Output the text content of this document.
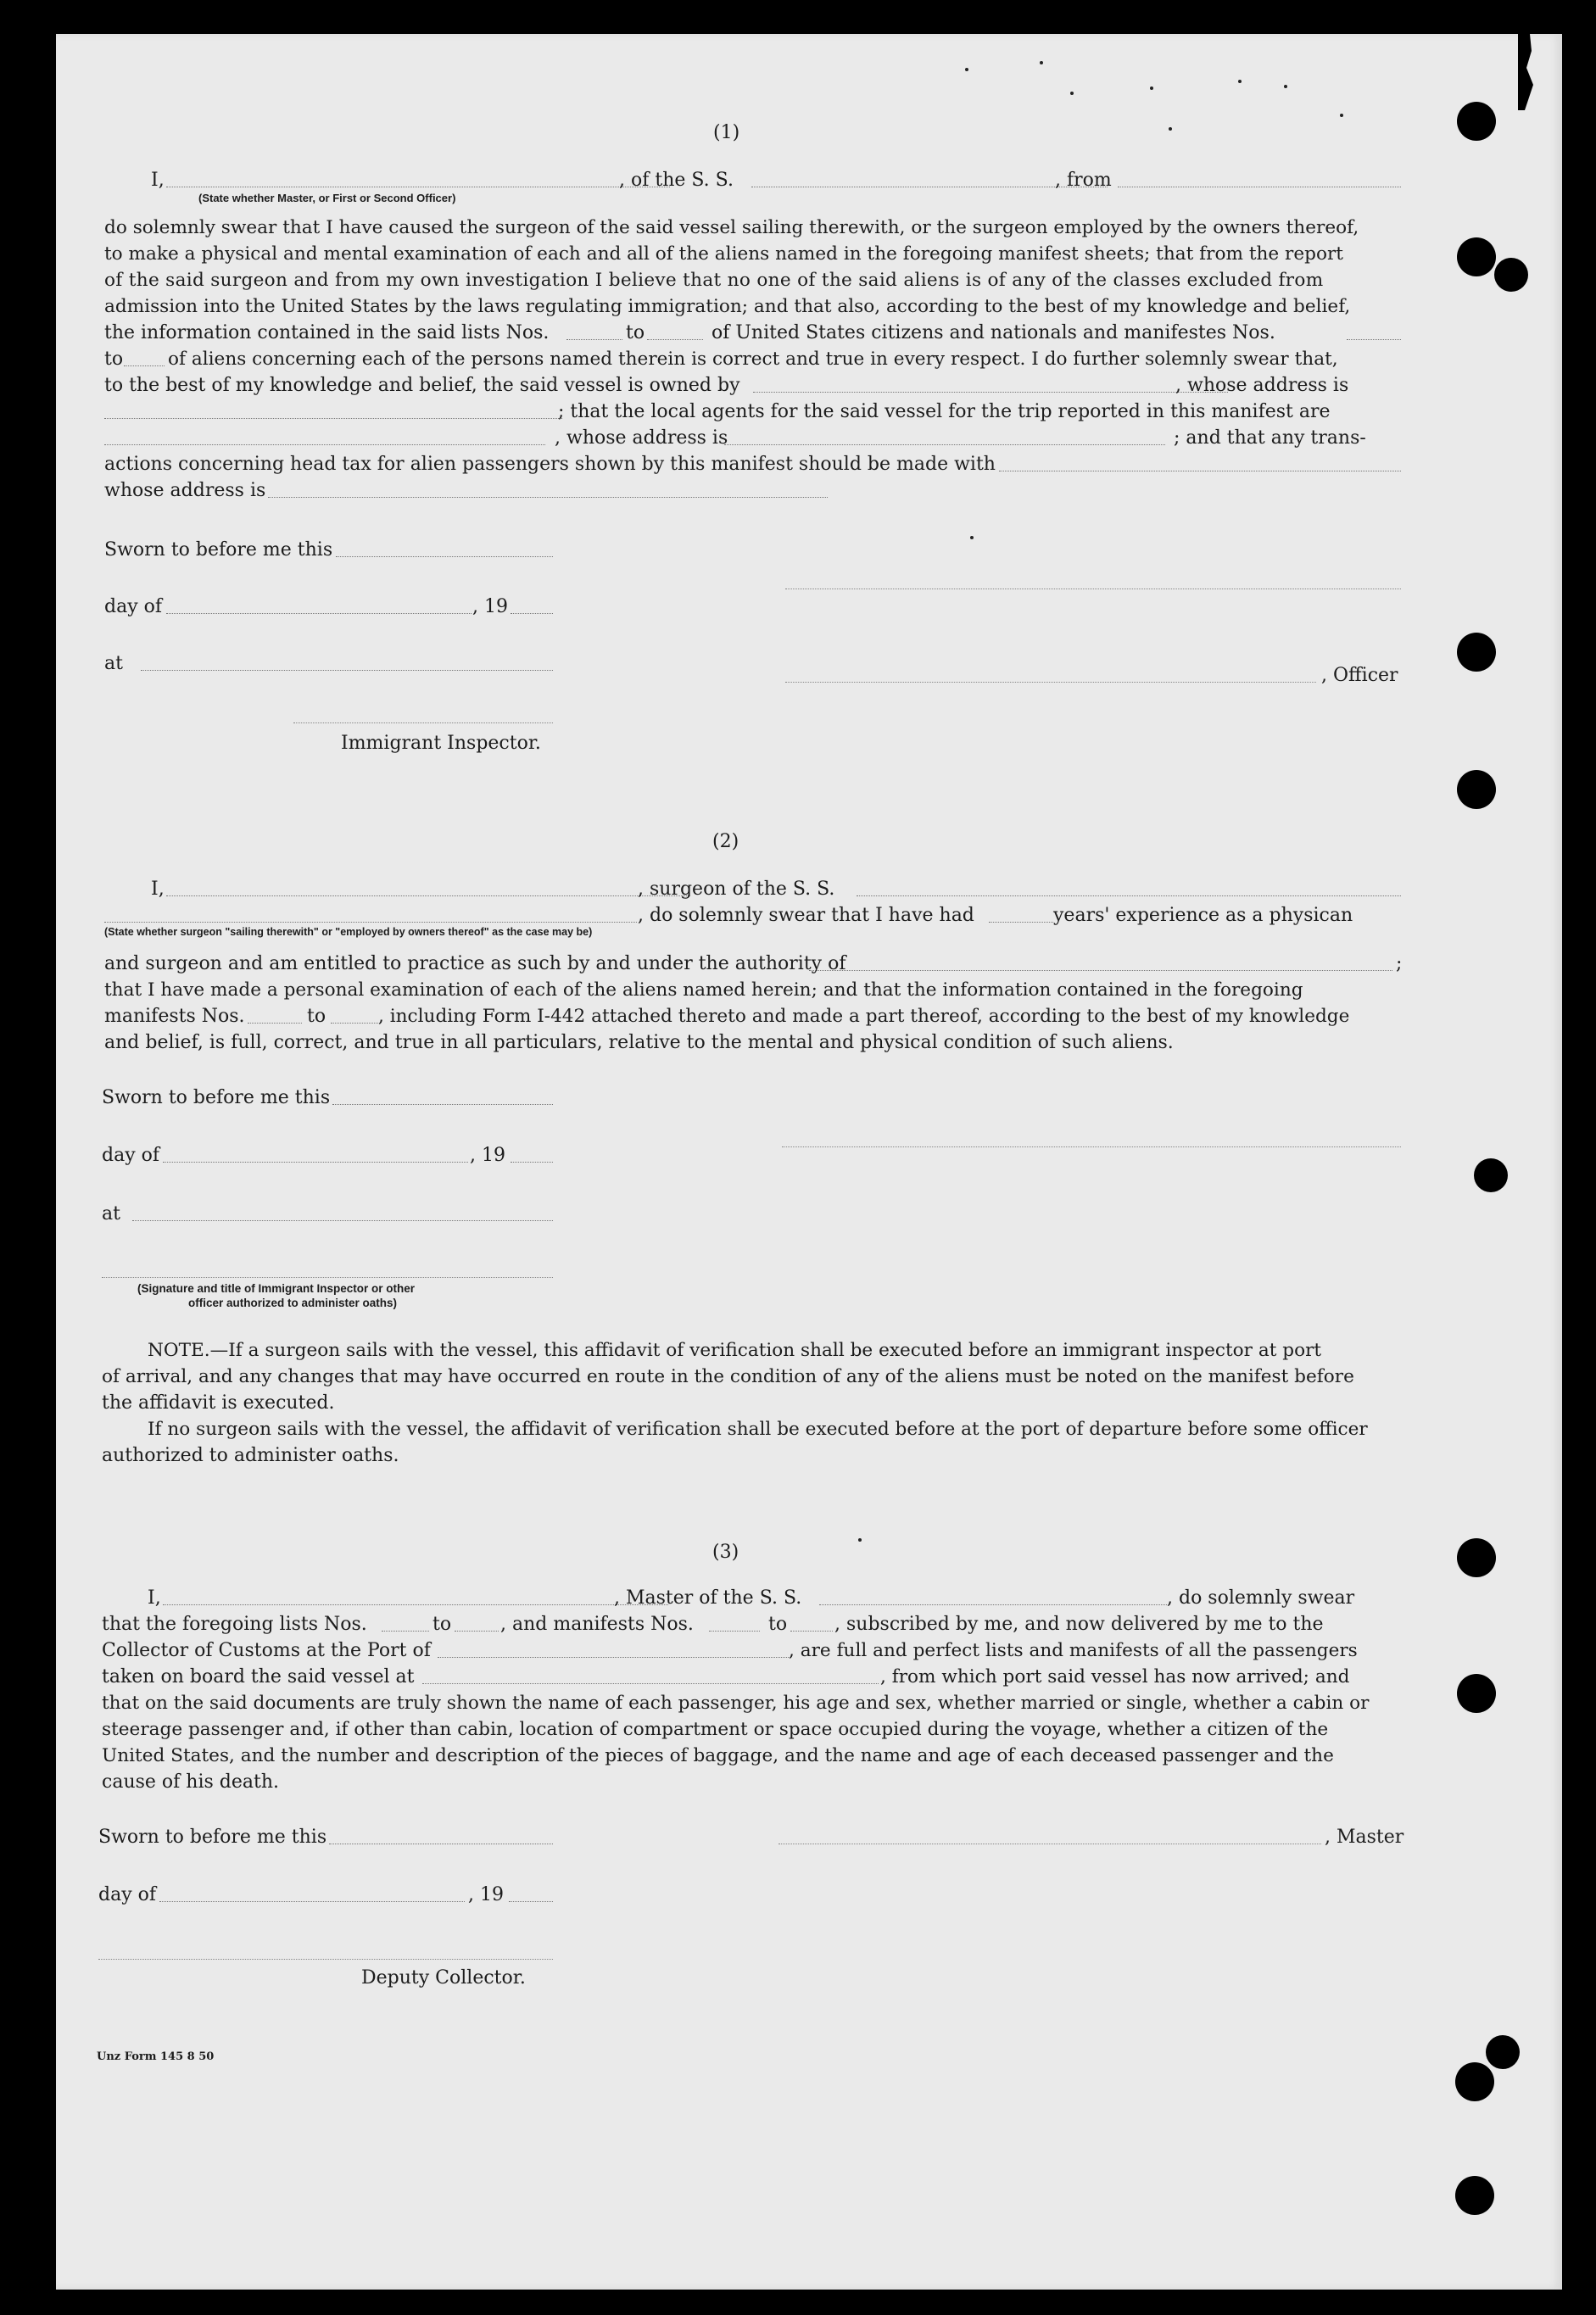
(1)
I,	, of the S. S.	, from
(State whether Master, or First or Second Officer)
do solemnly swear that I have caused the surgeon of the said vessel sailing therewith, or the surgeon employed by the owners thereof,
to make a physical and mental examination of each and all of the aliens named in the foregoing manifest sheets; that from the report
of the said surgeon and from my own investigation I believe that no one of the said aliens is of any of the classes excluded from
admission into the United States by the laws regulating immigration; and that also, according to the best of my knowledge and belief,
the information contained in the said lists Nos.	to	of United States citizens and nationals and manifestes Nos.
to of aliens concerning each of the persons named therein is correct and true in every respect. I do further solemnly swear that,
to the best of my knowledge and belief, the said vessel is owned by	, whose address is
; that the local agents for the said vessel for the trip reported in this manifest are
, whose address is	; and that any trans-
actions concerning head tax for alien passengers shown by this manifest should be made with
whose address is
Sworn to before me this
day of	, 19
at
, Officer
Immigrant Inspector.
(2)
I,	, surgeon of the S. S.
, do solemnly swear that I have had	years' experience as a physican
(State whether surgeon "sailing therewith" or "employed by owners thereof" as the case may be)
and surgeon and am entitled to practice as such by and under the authority of	;
that I have made a personal examination of each of the aliens named herein; and that the information contained in the foregoing
manifests Nos.	to	, including Form I-442 attached thereto and made a part thereof, according to the best of my knowledge
and belief, is full, correct, and true in all particulars, relative to the mental and physical condition of such aliens.
Sworn to before me this
day of	, 19
at
(Signature and title of Immigrant Inspector or other
officer authorized to administer oaths)
NOTE.—If a surgeon sails with the vessel, this affidavit of verification shall be executed before an immigrant inspector at port
of arrival, and any changes that may have occurred en route in the condition of any of the aliens must be noted on the manifest before
the affidavit is executed.
If no surgeon sails with the vessel, the affidavit of verification shall be executed before at the port of departure before some officer
authorized to administer oaths.
(3)
I,	, Master of the S. S.	, do solemnly swear
that the foregoing lists Nos.	to	, and manifests Nos.	to	, subscribed by me, and now delivered by me to the
Collector of Customs at the Port of	, are full and perfect lists and manifests of all the passengers
taken on board the said vessel at	, from which port said vessel has now arrived; and
that on the said documents are truly shown the name of each passenger, his age and sex, whether married or single, whether a cabin or
steerage passenger and, if other than cabin, location of compartment or space occupied during the voyage, whether a citizen of the
United States, and the number and description of the pieces of baggage, and the name and age of each deceased passenger and the
cause of his death.
Sworn to before me this	, Master
day of	, 19
Deputy Collector.
Unz Form 145 8 50
